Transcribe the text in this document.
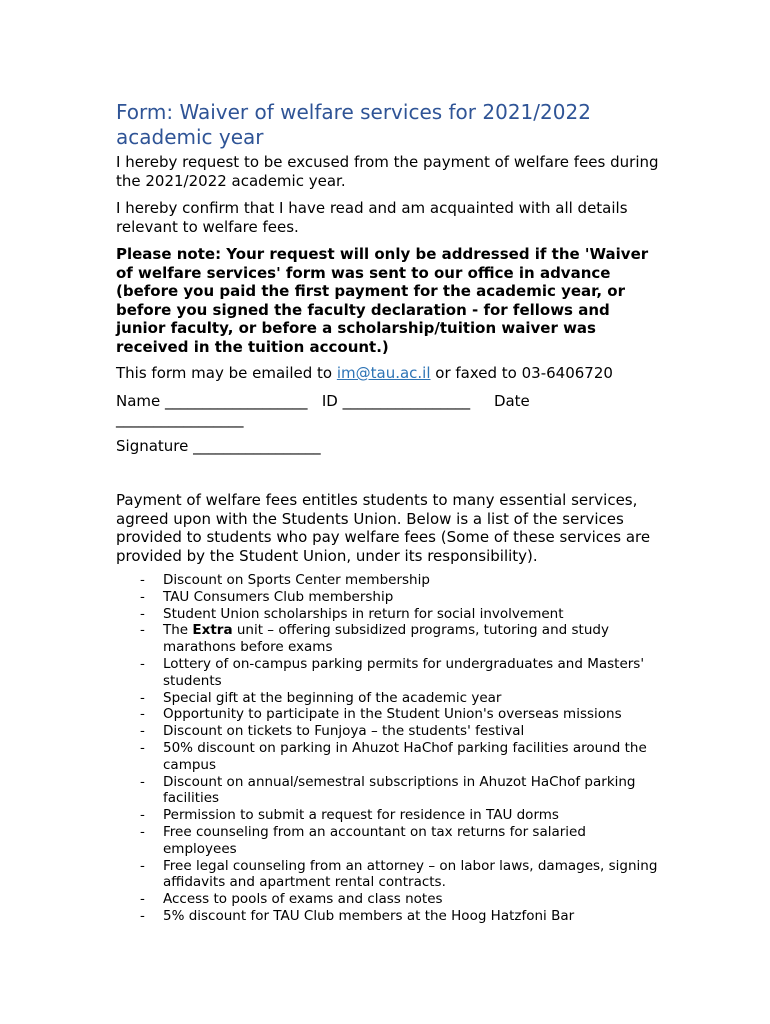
Form: Waiver of welfare services for 2021/2022 academic year

I hereby request to be excused from the payment of welfare fees during the 2021/2022 academic year.

I hereby confirm that I have read and am acquainted with all details relevant to welfare fees.

Please note: Your request will only be addressed if the 'Waiver of welfare services' form was sent to our office in advance (before you paid the first payment for the academic year, or before you signed the faculty declaration - for fellows and junior faculty, or before a scholarship/tuition waiver was received in the tuition account.)

This form may be emailed to im@tau.ac.il or faxed to 03-6406720

Name ___________________ ID _________________ Date _________________

Signature _________________

Payment of welfare fees entitles students to many essential services, agreed upon with the Students Union. Below is a list of the services provided to students who pay welfare fees (Some of these services are provided by the Student Union, under its responsibility).

- Discount on Sports Center membership
- TAU Consumers Club membership
- Student Union scholarships in return for social involvement
- The Extra unit – offering subsidized programs, tutoring and study marathons before exams
- Lottery of on-campus parking permits for undergraduates and Masters' students
- Special gift at the beginning of the academic year
- Opportunity to participate in the Student Union's overseas missions
- Discount on tickets to Funjoya – the students' festival
- 50% discount on parking in Ahuzot HaChof parking facilities around the campus
- Discount on annual/semestral subscriptions in Ahuzot HaChof parking facilities
- Permission to submit a request for residence in TAU dorms
- Free counseling from an accountant on tax returns for salaried employees
- Free legal counseling from an attorney – on labor laws, damages, signing affidavits and apartment rental contracts.
- Access to pools of exams and class notes
- 5% discount for TAU Club members at the Hoog Hatzfoni Bar
